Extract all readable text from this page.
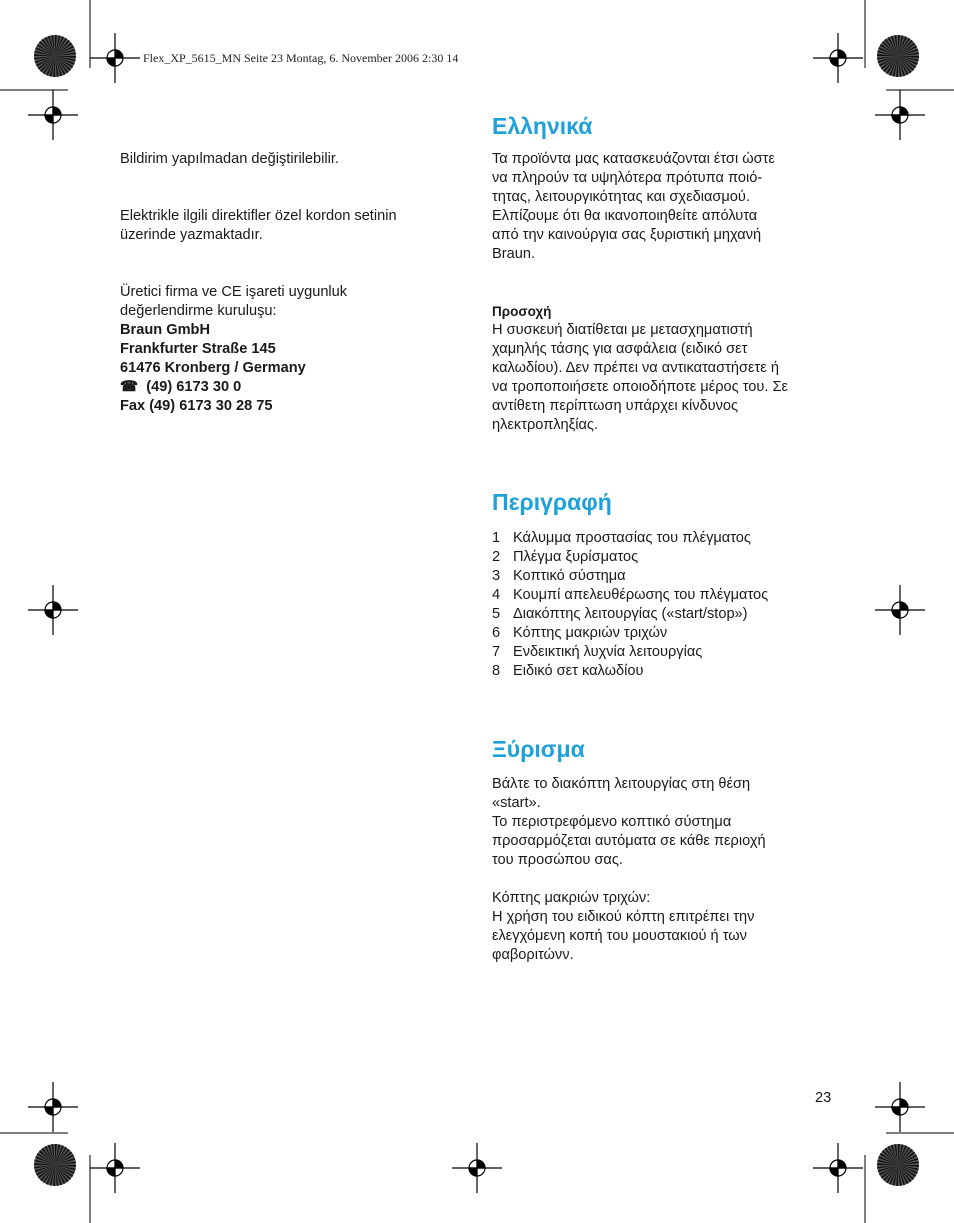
Flex_XP_5615_MN Seite 23 Montag, 6. November 2006 2:30 14
Bildirim yapılmadan değiştirilebilir.
Elektrikle ilgili direktifler özel kordon setinin
üzerinde yazmaktadır.
Üretici firma ve CE işareti uygunluk
değerlendirme kuruluşu:
Braun GmbH
Frankfurter Straße 145
61476 Kronberg / Germany
☎ (49) 6173 30 0
Fax (49) 6173 30 28 75
Ελληνικά
Τα προϊόντα μας κατασκευάζονται έτσι ώστε
να πληρούν τα υψηλότερα πρότυπα ποιό-
τητας, λειτουργικότητας και σχεδιασμού.
Ελπίζουμε ότι θα ικανοποιηθείτε απόλυτα
από την καινούργια σας ξυριστική μηχανή
Braun.
Προσοχή
Η συσκευή διατίθεται με μετασχηματιστή
χαμηλής τάσης για ασφάλεια (ειδικό σετ
καλωδίου). Δεν πρέπει να αντικαταστήσετε ή
να τροποποιήσετε οποιοδήποτε μέρος του. Σε
αντίθετη περίπτωση υπάρχει κίνδυνος
ηλεκτροπληξίας.
Περιγραφή
1 Κάλυμμα προστασίας του πλέγματος
2 Πλέγμα ξυρίσματος
3 Κοπτικό σύστημα
4 Κουμπί απελευθέρωσης του πλέγματος
5 Διακόπτης λειτουργίας («start/stop»)
6 Κόπτης μακριών τριχών
7 Ενδεικτική λυχνία λειτουργίας
8 Ειδικό σετ καλωδίου
Ξύρισμα
Βάλτε το διακόπτη λειτουργίας στη θέση
«start».
Το περιστρεφόμενο κοπτικό σύστημα
προσαρμόζεται αυτόματα σε κάθε περιοχή
του προσώπου σας.
Κόπτης μακριών τριχών:
Η χρήση του ειδικού κόπτη επιτρέπει την
ελεγχόμενη κοπή του μουστακιού ή των
φαβοριτώνν.
23
